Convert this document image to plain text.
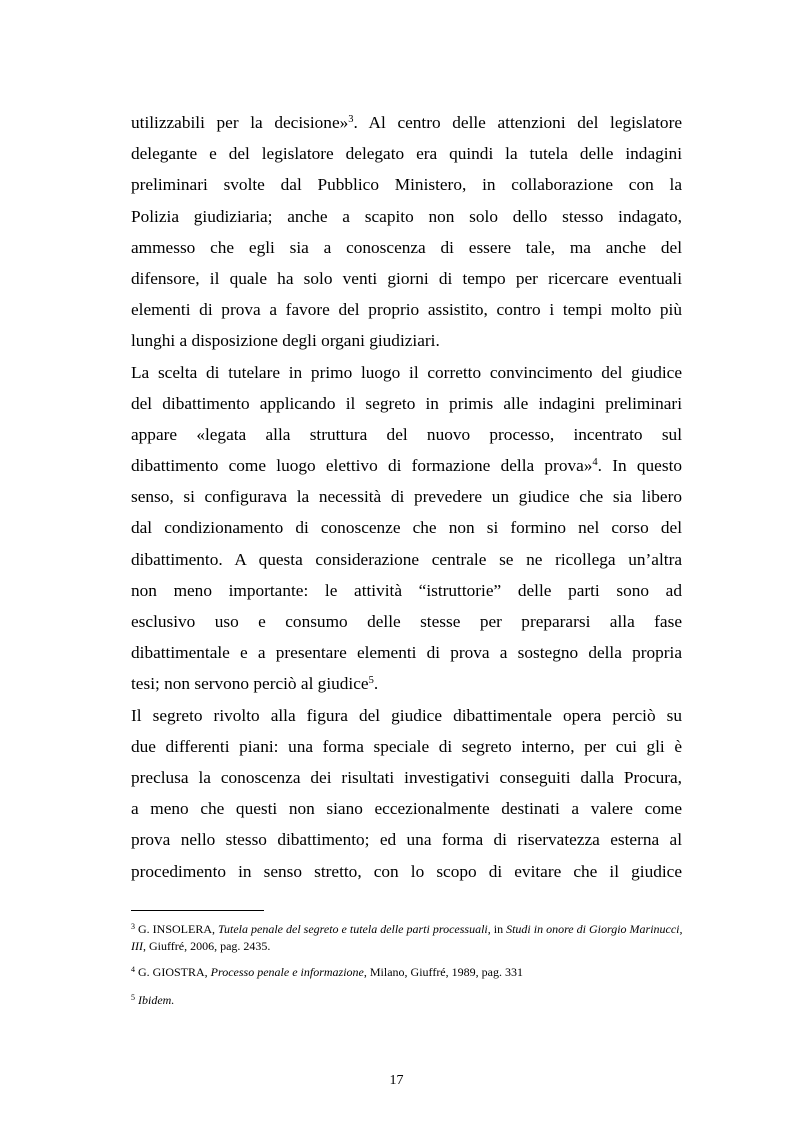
utilizzabili per la decisione»$^3$. Al centro delle attenzioni del legislatore
delegante e del legislatore delegato era quindi la tutela delle indagini
preliminari svolte dal Pubblico Ministero, in collaborazione con la
Polizia giudiziaria; anche a scapito non solo dello stesso indagato,
ammesso che egli sia a conoscenza di essere tale, ma anche del
difensore, il quale ha solo venti giorni di tempo per ricercare eventuali
elementi di prova a favore del proprio assistito, contro i tempi molto più
lunghi a disposizione degli organi giudiziari.
La scelta di tutelare in primo luogo il corretto convincimento del giudice
del dibattimento applicando il segreto in primis alle indagini preliminari
appare «legata alla struttura del nuovo processo, incentrato sul
dibattimento come luogo elettivo di formazione della prova»$^4$. In questo
senso, si configurava la necessità di prevedere un giudice che sia libero
dal condizionamento di conoscenze che non si formino nel corso del
dibattimento. A questa considerazione centrale se ne ricollega un’altra
non meno importante: le attività “istruttorie” delle parti sono ad
esclusivo uso e consumo delle stesse per prepararsi alla fase
dibattimentale e a presentare elementi di prova a sostegno della propria
tesi; non servono perciò al giudice$^5$.
Il segreto rivolto alla figura del giudice dibattimentale opera perciò su
due differenti piani: una forma speciale di segreto interno, per cui gli è
preclusa la conoscenza dei risultati investigativi conseguiti dalla Procura,
a meno che questi non siano eccezionalmente destinati a valere come
prova nello stesso dibattimento; ed una forma di riservatezza esterna al
procedimento in senso stretto, con lo scopo di evitare che il giudice
$^3$ G. INSOLERA, Tutela penale del segreto e tutela delle parti processuali, in Studi in onore di Giorgio Marinucci, III, Giuffré, 2006, pag. 2435.
$^4$ G. GIOSTRA, Processo penale e informazione, Milano, Giuffré, 1989, pag. 331
$^5$ Ibidem.
17
